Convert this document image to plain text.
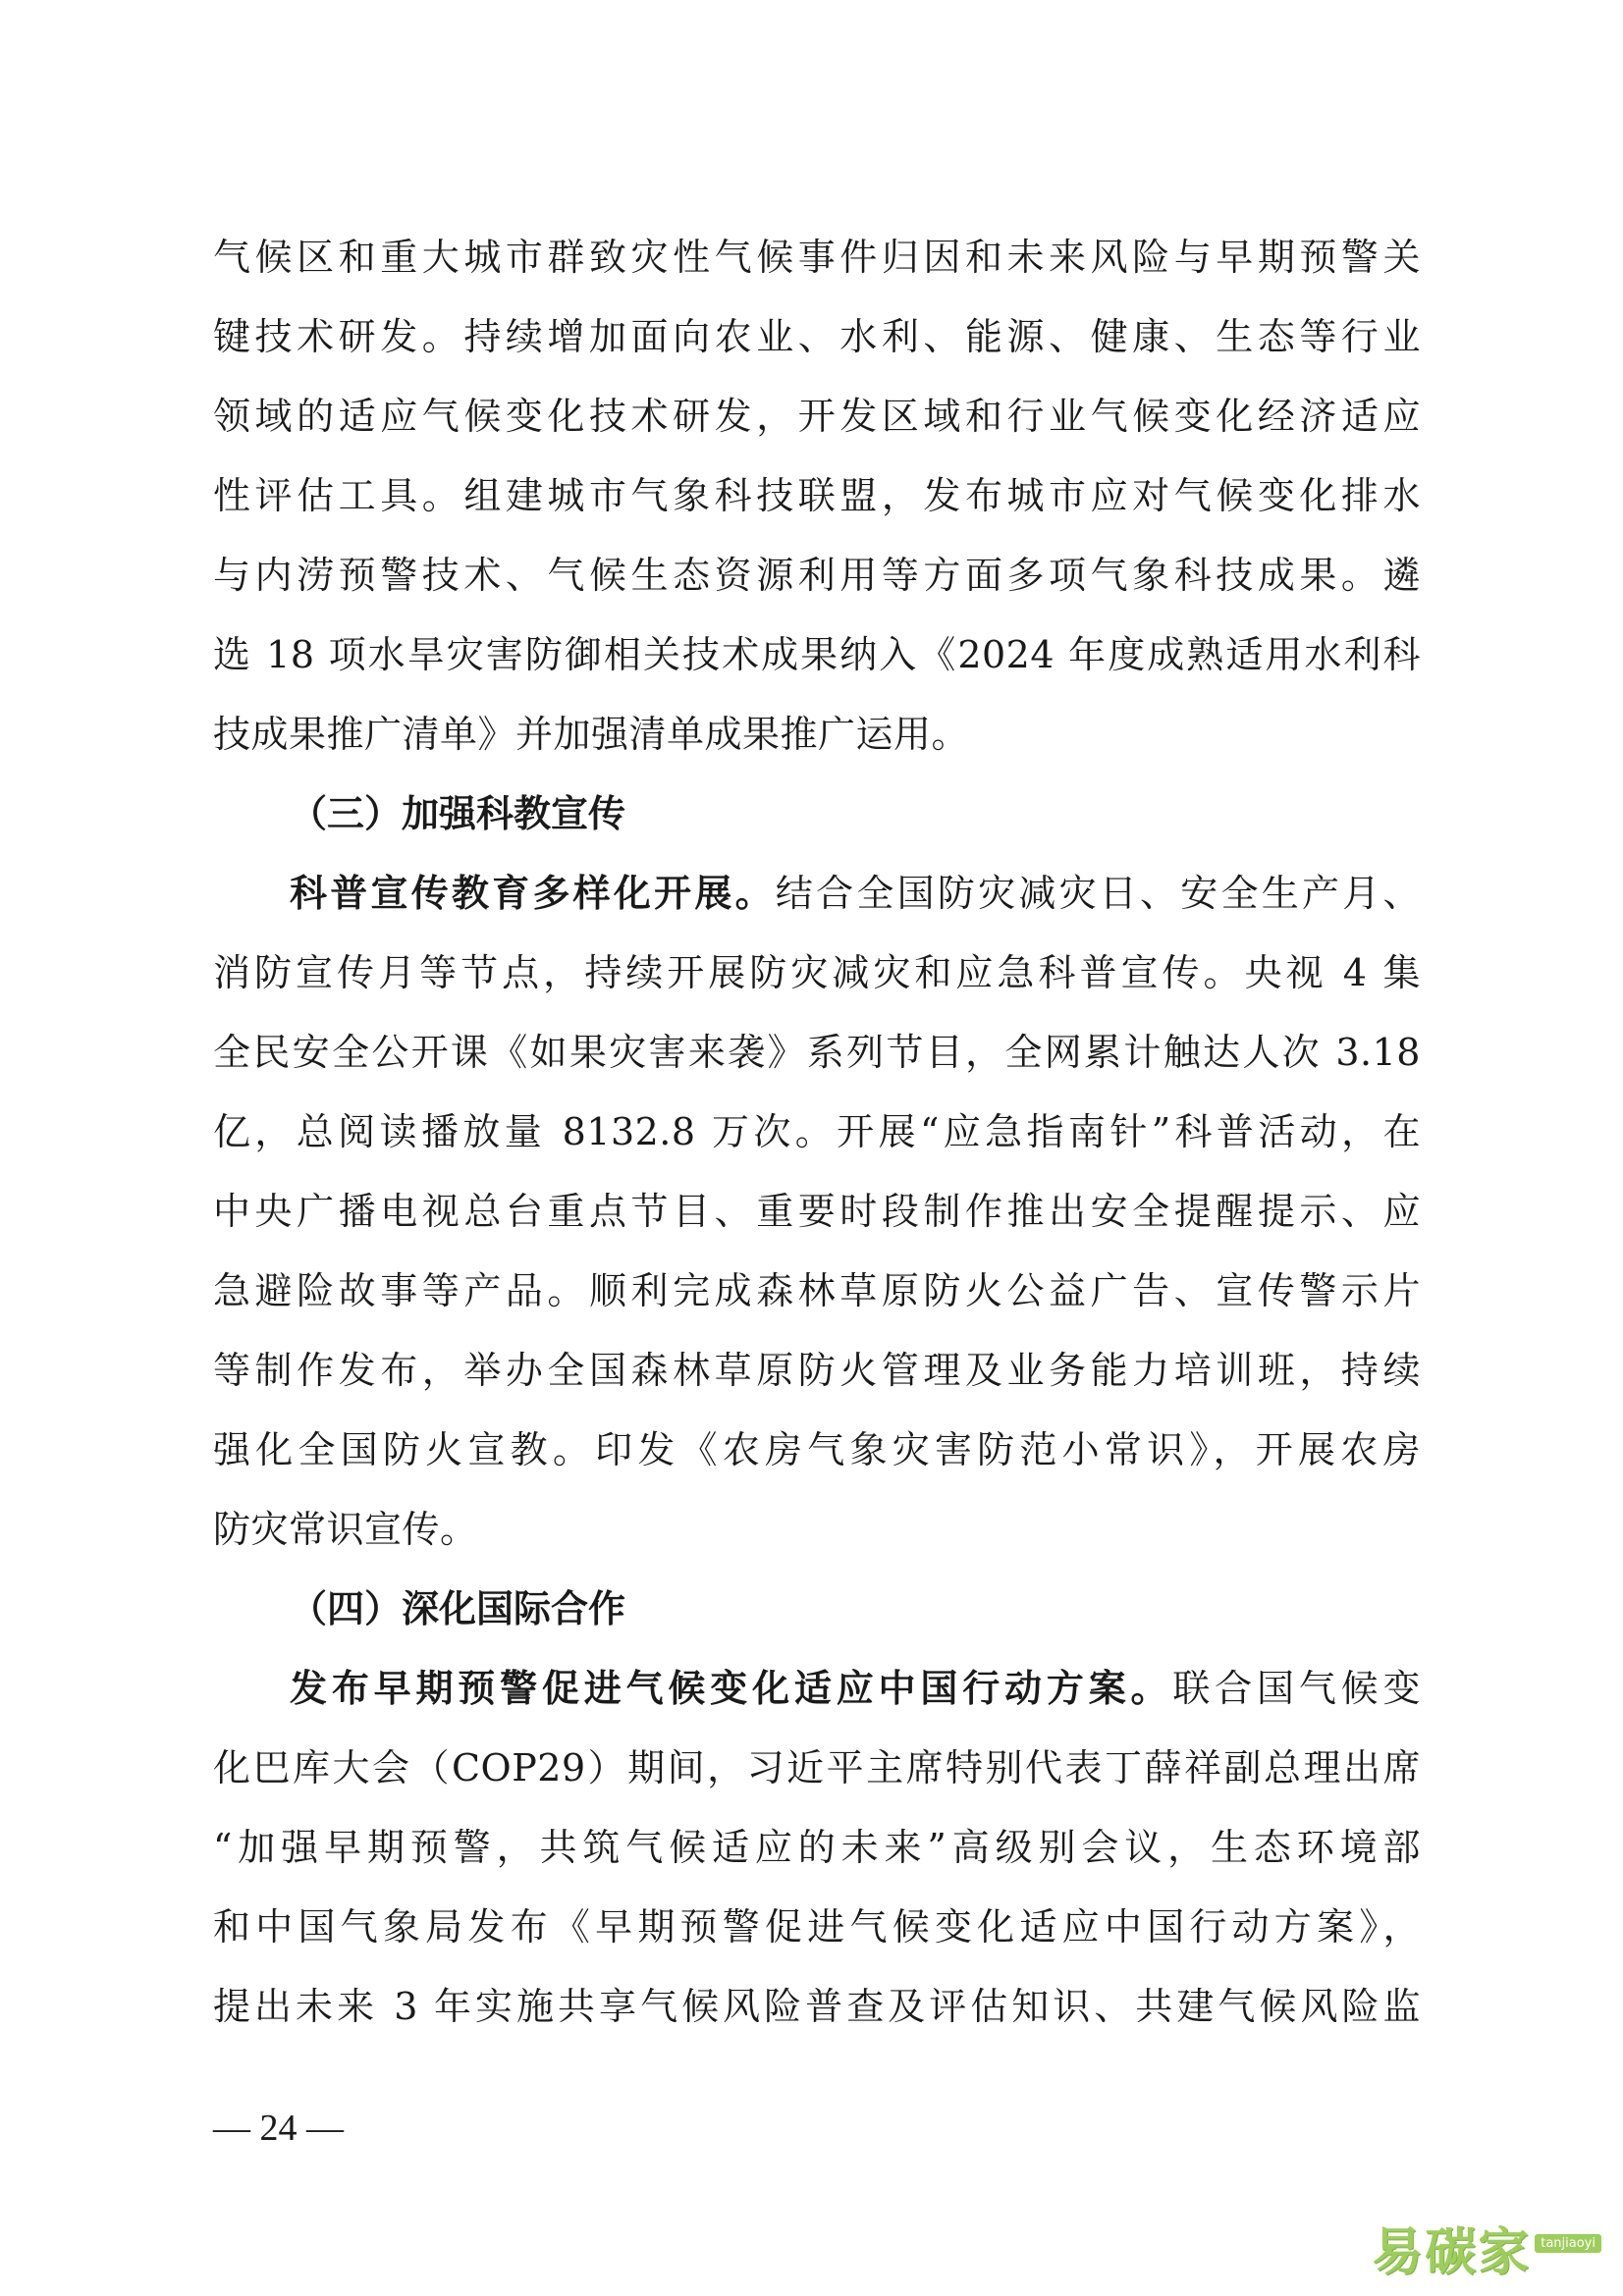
气候区和重大城市群致灾性气候事件归因和未来风险与早期预警关
键技术研发。持续增加面向农业、水利、能源、健康、生态等行业
领域的适应气候变化技术研发，开发区域和行业气候变化经济适应
性评估工具。组建城市气象科技联盟，发布城市应对气候变化排水
与内涝预警技术、气候生态资源利用等方面多项气象科技成果。遴
选 18 项水旱灾害防御相关技术成果纳入《2024 年度成熟适用水利科
技成果推广清单》并加强清单成果推广运用。
（三）加强科教宣传
科普宣传教育多样化开展。结合全国防灾减灾日、安全生产月、
消防宣传月等节点，持续开展防灾减灾和应急科普宣传。央视 4 集
全民安全公开课《如果灾害来袭》系列节目，全网累计触达人次 3.18
亿，总阅读播放量 8132.8 万次。开展“应急指南针”科普活动，在
中央广播电视总台重点节目、重要时段制作推出安全提醒提示、应
急避险故事等产品。顺利完成森林草原防火公益广告、宣传警示片
等制作发布，举办全国森林草原防火管理及业务能力培训班，持续
强化全国防火宣教。印发《农房气象灾害防范小常识》，开展农房
防灾常识宣传。
（四）深化国际合作
发布早期预警促进气候变化适应中国行动方案。联合国气候变
化巴库大会（COP29）期间，习近平主席特别代表丁薛祥副总理出席
“加强早期预警，共筑气候适应的未来”高级别会议，生态环境部
和中国气象局发布《早期预警促进气候变化适应中国行动方案》，
提出未来 3 年实施共享气候风险普查及评估知识、共建气候风险监
— 24 —
易碳家 tanjiaoyi
